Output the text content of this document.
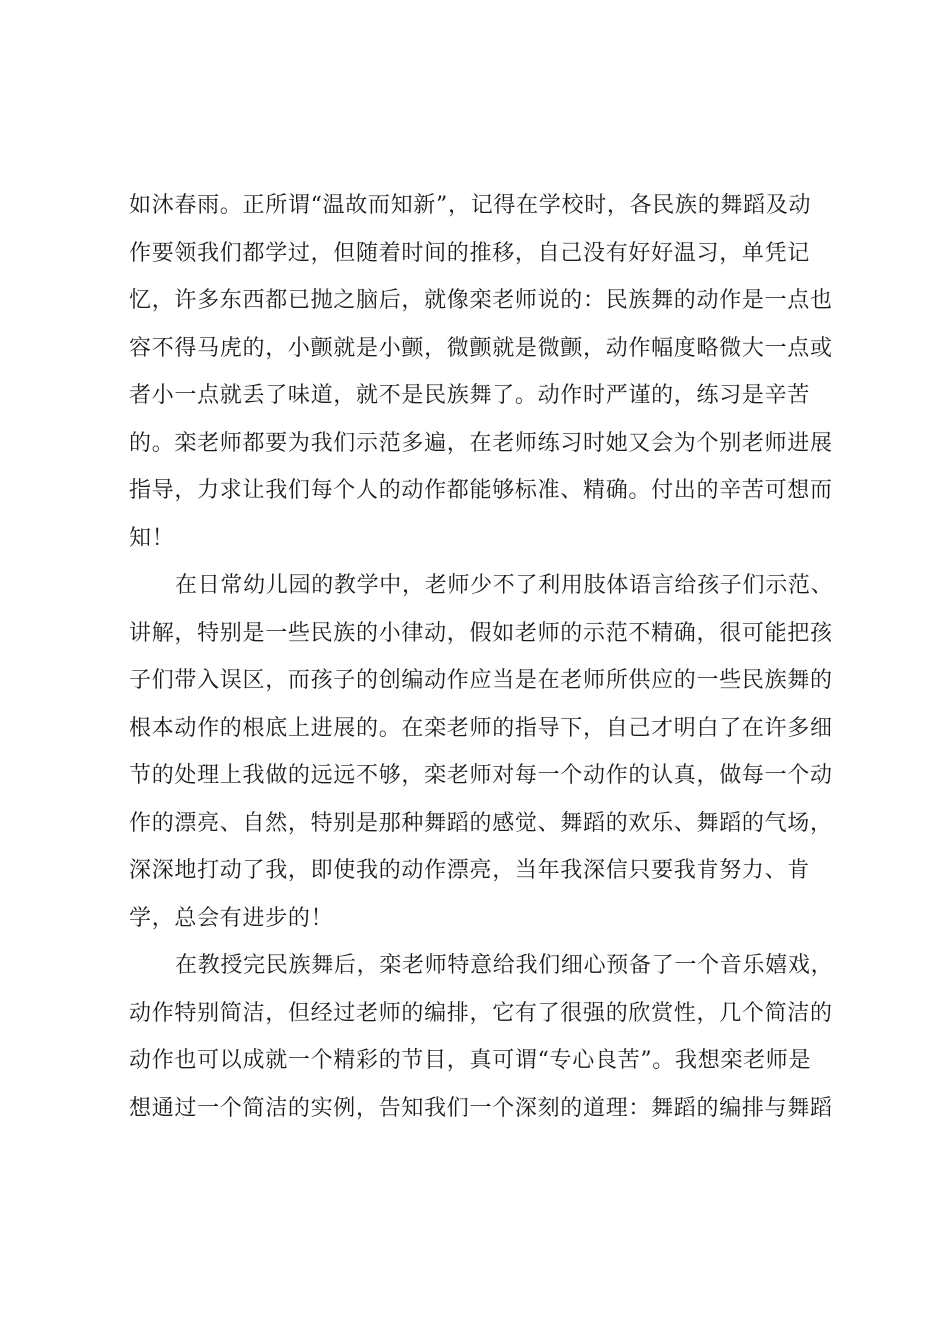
如沐春雨。正所谓“温故而知新”，记得在学校时，各民族的舞蹈及动
作要领我们都学过，但随着时间的推移，自己没有好好温习，单凭记
忆，许多东西都已抛之脑后，就像栾老师说的：民族舞的动作是一点也
容不得马虎的，小颤就是小颤，微颤就是微颤，动作幅度略微大一点或
者小一点就丢了味道，就不是民族舞了。动作时严谨的，练习是辛苦
的。栾老师都要为我们示范多遍，在老师练习时她又会为个别老师进展
指导，力求让我们每个人的动作都能够标准、精确。付出的辛苦可想而
知！
在日常幼儿园的教学中，老师少不了利用肢体语言给孩子们示范、
讲解，特别是一些民族的小律动，假如老师的示范不精确，很可能把孩
子们带入误区，而孩子的创编动作应当是在老师所供应的一些民族舞的
根本动作的根底上进展的。在栾老师的指导下，自己才明白了在许多细
节的处理上我做的远远不够，栾老师对每一个动作的认真，做每一个动
作的漂亮、自然，特别是那种舞蹈的感觉、舞蹈的欢乐、舞蹈的气场，
深深地打动了我，即使我的动作漂亮，当年我深信只要我肯努力、肯
学，总会有进步的！
在教授完民族舞后，栾老师特意给我们细心预备了一个音乐嬉戏，
动作特别简洁，但经过老师的编排，它有了很强的欣赏性，几个简洁的
动作也可以成就一个精彩的节目，真可谓“专心良苦”。我想栾老师是
想通过一个简洁的实例，告知我们一个深刻的道理：舞蹈的编排与舞蹈
